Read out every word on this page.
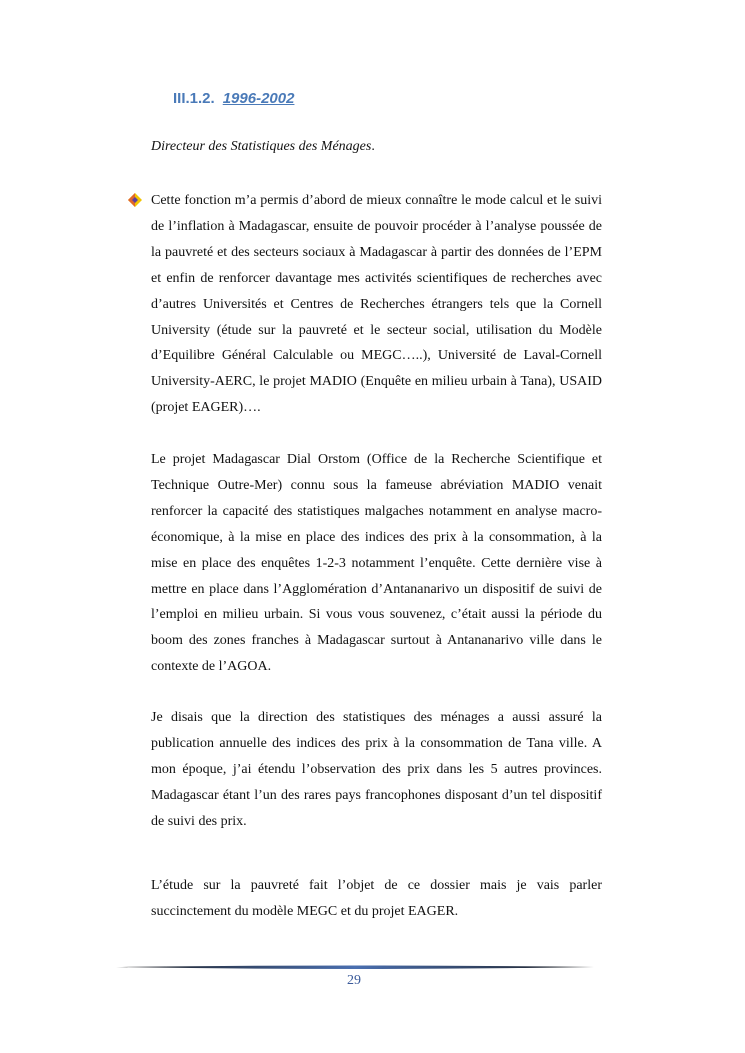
III.1.2. 1996-2002
Directeur des Statistiques des Ménages.
Cette fonction m’a permis d’abord de mieux connaître le mode calcul et le suivi de l’inflation à Madagascar, ensuite de pouvoir procéder à l’analyse poussée de la pauvreté et des secteurs sociaux à Madagascar à partir des données de l’EPM et enfin de renforcer davantage mes activités scientifiques de recherches avec d’autres Universités et Centres de Recherches étrangers tels que la Cornell University (étude sur la pauvreté et le secteur social, utilisation du Modèle d’Equilibre Général Calculable ou MEGC…..), Université de Laval-Cornell University-AERC, le projet MADIO (Enquête en milieu urbain à Tana), USAID (projet EAGER)….
Le projet Madagascar Dial Orstom (Office de la Recherche Scientifique et Technique Outre-Mer) connu sous la fameuse abréviation MADIO venait renforcer la capacité des statistiques malgaches notamment en analyse macro-économique, à la mise en place des indices des prix à la consommation, à la mise en place des enquêtes 1-2-3 notamment l’enquête. Cette dernière vise à mettre en place dans l’Agglomération d’Antananarivo un dispositif de suivi de l’emploi en milieu urbain. Si vous vous souvenez, c’était aussi la période du boom des zones franches à Madagascar surtout à Antananarivo ville dans le contexte de l’AGOA.
Je disais que la direction des statistiques des ménages a aussi assuré la publication annuelle des indices des prix à la consommation de Tana ville. A mon époque, j’ai étendu l’observation des prix dans les 5 autres provinces. Madagascar étant l’un des rares pays francophones disposant d’un tel dispositif de suivi des prix.
L’étude sur la pauvreté fait l’objet de ce dossier mais je vais parler succinctement du modèle MEGC et du projet EAGER.
29
